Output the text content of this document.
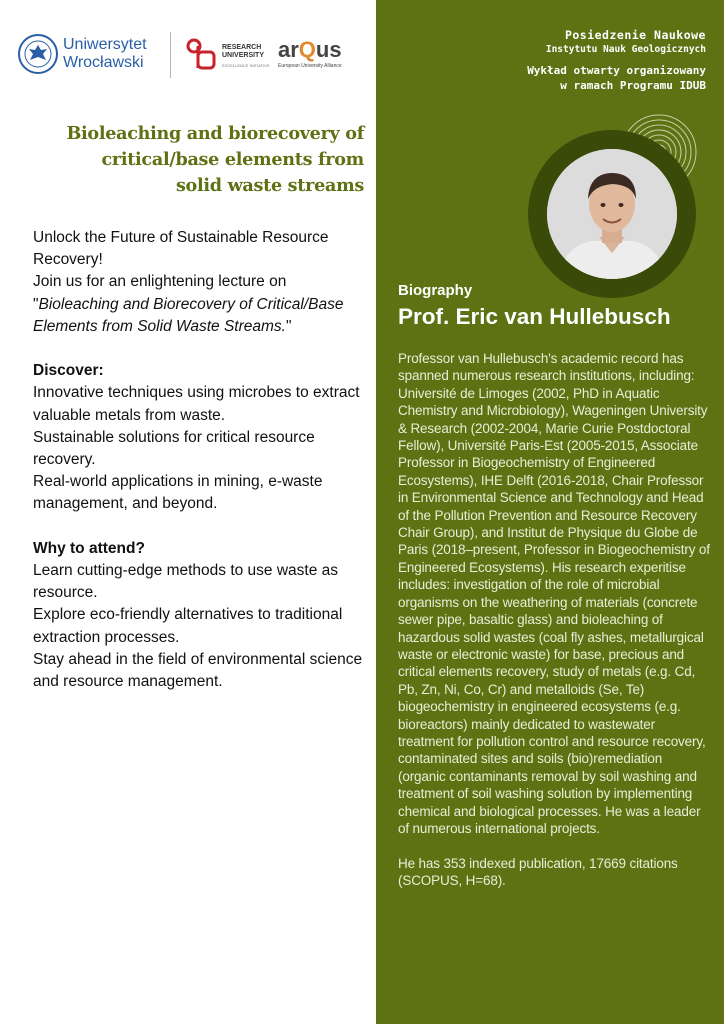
Uniwersytet
Wrocławski
RESEARCH
UNIVERSITY
EXCELLENCE INITIATIVE
arQus
European University Alliance
Posiedzenie Naukowe
Instytutu Nauk Geologicznych
Wykład otwarty organizowany
w ramach Programu IDUB
Bioleaching and biorecovery of
critical/base elements from
solid waste streams

Unlock the Future of Sustainable Resource Recovery!

Join us for an enlightening lecture on "Bioleaching and Biorecovery of Critical/Base Elements from Solid Waste Streams."

Discover:

Innovative techniques using microbes to extract valuable metals from waste.

Sustainable solutions for critical resource recovery.

Real-world applications in mining, e-waste management, and beyond.

Why to attend?

Learn cutting-edge methods to use waste as resource.

Explore eco-friendly alternatives to traditional extraction processes.

Stay ahead in the field of environmental science and resource management.

Biography
Prof. Eric van Hullebusch

Professor van Hullebusch's academic record has spanned numerous research institutions, including: Université de Limoges (2002, PhD in Aquatic Chemistry and Microbiology), Wageningen University & Research (2002-2004, Marie Curie Postdoctoral Fellow), Université Paris-Est (2005-2015, Associate Professor in Biogeochemistry of Engineered Ecosystems), IHE Delft (2016-2018, Chair Professor in Environmental Science and Technology and Head of the Pollution Prevention and Resource Recovery Chair Group), and Institut de Physique du Globe de Paris (2018–present, Professor in Biogeochemistry of Engineered Ecosystems). His research experitise includes: investigation of the role of microbial organisms on the weathering of materials (concrete sewer pipe, basaltic glass) and bioleaching of hazardous solid wastes (coal fly ashes, metallurgical waste or electronic waste) for base, precious and critical elements recovery, study of metals (e.g. Cd, Pb, Zn, Ni, Co, Cr) and metalloids (Se, Te) biogeochemistry in engineered ecosystems (e.g. bioreactors) mainly dedicated to wastewater treatment for pollution control and resource recovery, contaminated sites and soils (bio)remediation (organic contaminants removal by soil washing and treatment of soil washing solution by implementing chemical and biological processes. He was a leader of numerous international projects.

He has 353 indexed publication, 17669 citations (SCOPUS, H=68).
